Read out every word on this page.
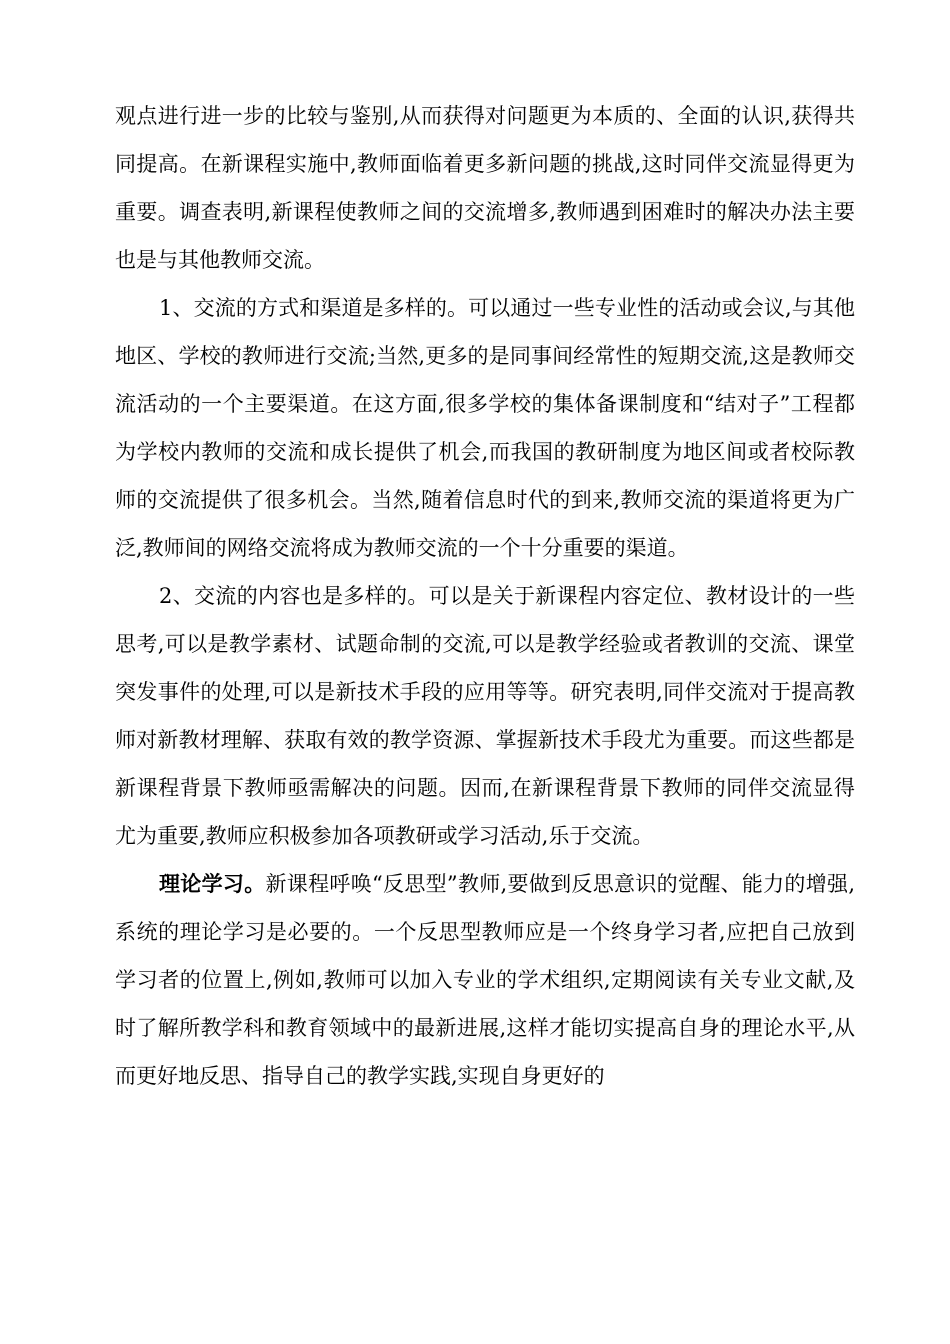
观点进行进一步的比较与鉴别,从而获得对问题更为本质的、全面的认识,获得共同提高。在新课程实施中,教师面临着更多新问题的挑战,这时同伴交流显得更为重要。调查表明,新课程使教师之间的交流增多,教师遇到困难时的解决办法主要也是与其他教师交流。

1、交流的方式和渠道是多样的。可以通过一些专业性的活动或会议,与其他地区、学校的教师进行交流;当然,更多的是同事间经常性的短期交流,这是教师交流活动的一个主要渠道。在这方面,很多学校的集体备课制度和“结对子”工程都为学校内教师的交流和成长提供了机会,而我国的教研制度为地区间或者校际教师的交流提供了很多机会。当然,随着信息时代的到来,教师交流的渠道将更为广泛,教师间的网络交流将成为教师交流的一个十分重要的渠道。

2、交流的内容也是多样的。可以是关于新课程内容定位、教材设计的一些思考,可以是教学素材、试题命制的交流,可以是教学经验或者教训的交流、课堂突发事件的处理,可以是新技术手段的应用等等。研究表明,同伴交流对于提高教师对新教材理解、获取有效的教学资源、掌握新技术手段尤为重要。而这些都是新课程背景下教师亟需解决的问题。因而,在新课程背景下教师的同伴交流显得尤为重要,教师应积极参加各项教研或学习活动,乐于交流。

理论学习。新课程呼唤“反思型”教师,要做到反思意识的觉醒、能力的增强,系统的理论学习是必要的。一个反思型教师应是一个终身学习者,应把自己放到学习者的位置上,例如,教师可以加入专业的学术组织,定期阅读有关专业文献,及时了解所教学科和教育领域中的最新进展,这样才能切实提高自身的理论水平,从而更好地反思、指导自己的教学实践,实现自身更好的
